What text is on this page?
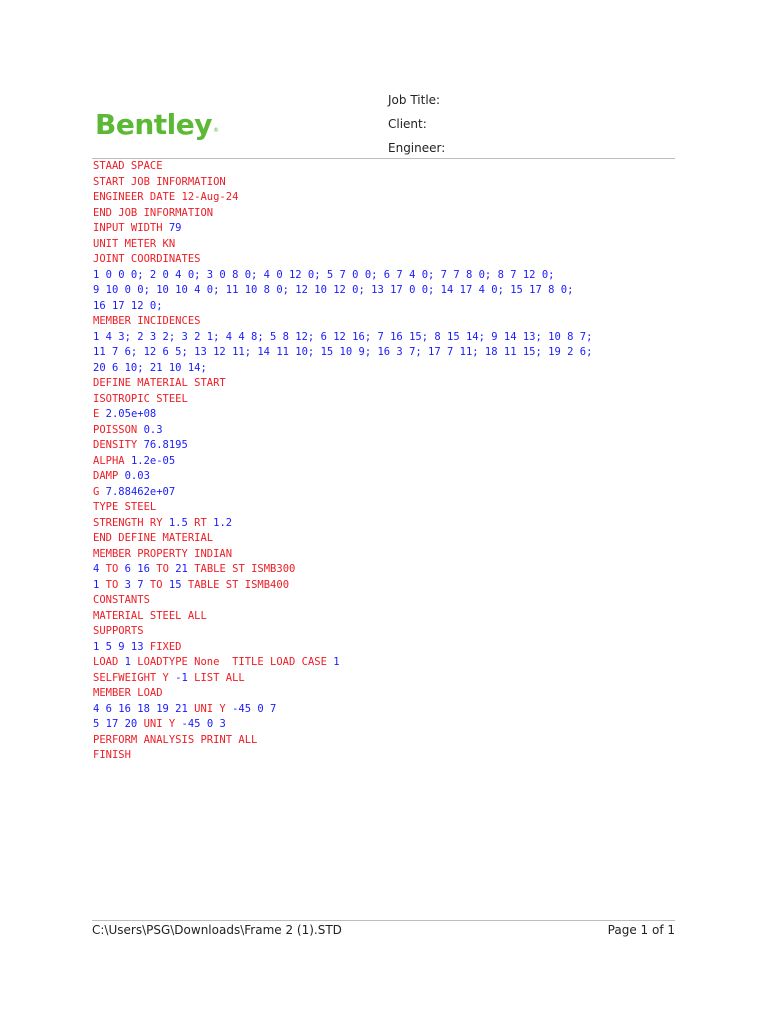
Bentley®
Job Title:
Client:
Engineer:
STAAD SPACE
START JOB INFORMATION
ENGINEER DATE 12-Aug-24
END JOB INFORMATION
INPUT WIDTH 79
UNIT METER KN
JOINT COORDINATES
1 0 0 0; 2 0 4 0; 3 0 8 0; 4 0 12 0; 5 7 0 0; 6 7 4 0; 7 7 8 0; 8 7 12 0;
9 10 0 0; 10 10 4 0; 11 10 8 0; 12 10 12 0; 13 17 0 0; 14 17 4 0; 15 17 8 0;
16 17 12 0;
MEMBER INCIDENCES
1 4 3; 2 3 2; 3 2 1; 4 4 8; 5 8 12; 6 12 16; 7 16 15; 8 15 14; 9 14 13; 10 8 7;
11 7 6; 12 6 5; 13 12 11; 14 11 10; 15 10 9; 16 3 7; 17 7 11; 18 11 15; 19 2 6;
20 6 10; 21 10 14;
DEFINE MATERIAL START
ISOTROPIC STEEL
E 2.05e+08
POISSON 0.3
DENSITY 76.8195
ALPHA 1.2e-05
DAMP 0.03
G 7.88462e+07
TYPE STEEL
STRENGTH RY 1.5 RT 1.2
END DEFINE MATERIAL
MEMBER PROPERTY INDIAN
4 TO 6 16 TO 21 TABLE ST ISMB300
1 TO 3 7 TO 15 TABLE ST ISMB400
CONSTANTS
MATERIAL STEEL ALL
SUPPORTS
1 5 9 13 FIXED
LOAD 1 LOADTYPE None  TITLE LOAD CASE 1
SELFWEIGHT Y -1 LIST ALL
MEMBER LOAD
4 6 16 18 19 21 UNI Y -45 0 7
5 17 20 UNI Y -45 0 3
PERFORM ANALYSIS PRINT ALL
FINISH
C:\Users\PSG\Downloads\Frame 2 (1).STD	Page 1 of 1
